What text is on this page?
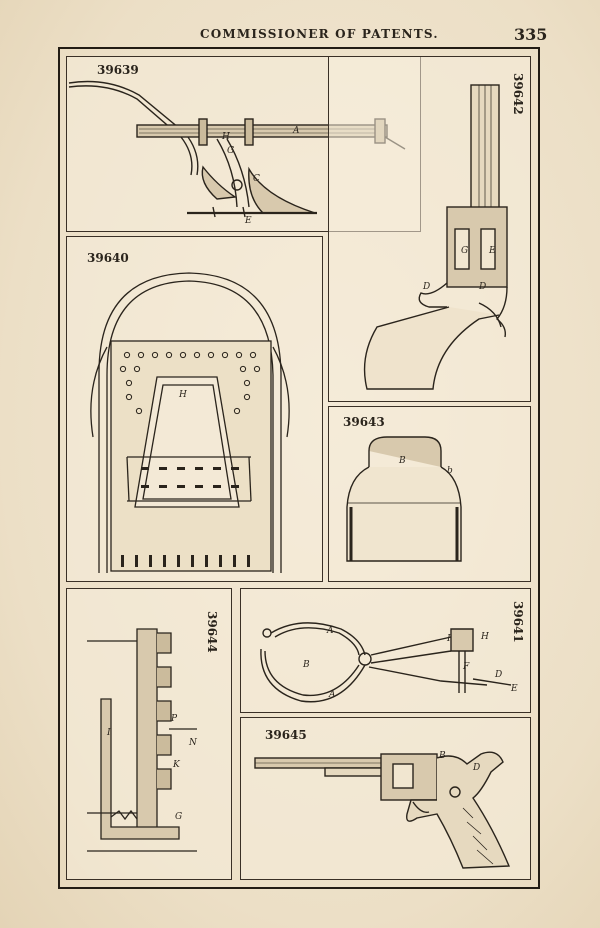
COMMISSIONER OF PATENTS.	335
39639
A
H
G
C
E
39642
G E
D	D
39640
H
39643
B
b
39644
I
P
N
K
G
39641
A
B
A
I	H
F
D
E
39645
B
D
